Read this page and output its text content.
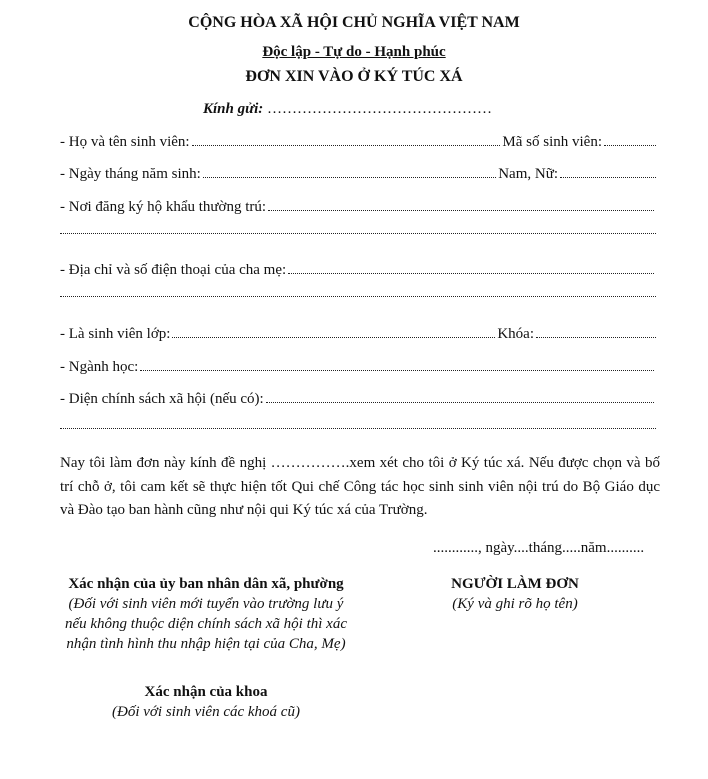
CỘNG HÒA XÃ HỘI CHỦ NGHĨA VIỆT NAM
Độc lập - Tự do - Hạnh phúc
ĐƠN XIN VÀO Ở KÝ TÚC XÁ
Kính gửi: ………………………………………
- Họ và tên sinh viên:	Mã số sinh viên:
- Ngày tháng năm sinh:	Nam, Nữ:
- Nơi đăng ký hộ khẩu thường trú:
- Địa chỉ và số điện thoại của cha mẹ:
- Là sinh viên lớp:	Khóa:
- Ngành học:
- Diện chính sách xã hội (nếu có):
Nay tôi làm đơn này kính đề nghị …………….xem xét cho tôi ở Ký túc xá. Nếu được chọn và bố trí chỗ ở, tôi cam kết sẽ thực hiện tốt Qui chế Công tác học sinh sinh viên nội trú do Bộ Giáo dục và Đào tạo ban hành cũng như nội qui Ký túc xá của Trường.
............, ngày....tháng.....năm..........
Xác nhận của ủy ban nhân dân xã, phường
(Đối với sinh viên mới tuyển vào trường lưu ý nếu không thuộc diện chính sách xã hội thì xác nhận tình hình thu nhập hiện tại của Cha, Mẹ)
Xác nhận của khoa
(Đối với sinh viên các khoá cũ)
NGƯỜI LÀM ĐƠN
(Ký và ghi rõ họ tên)
